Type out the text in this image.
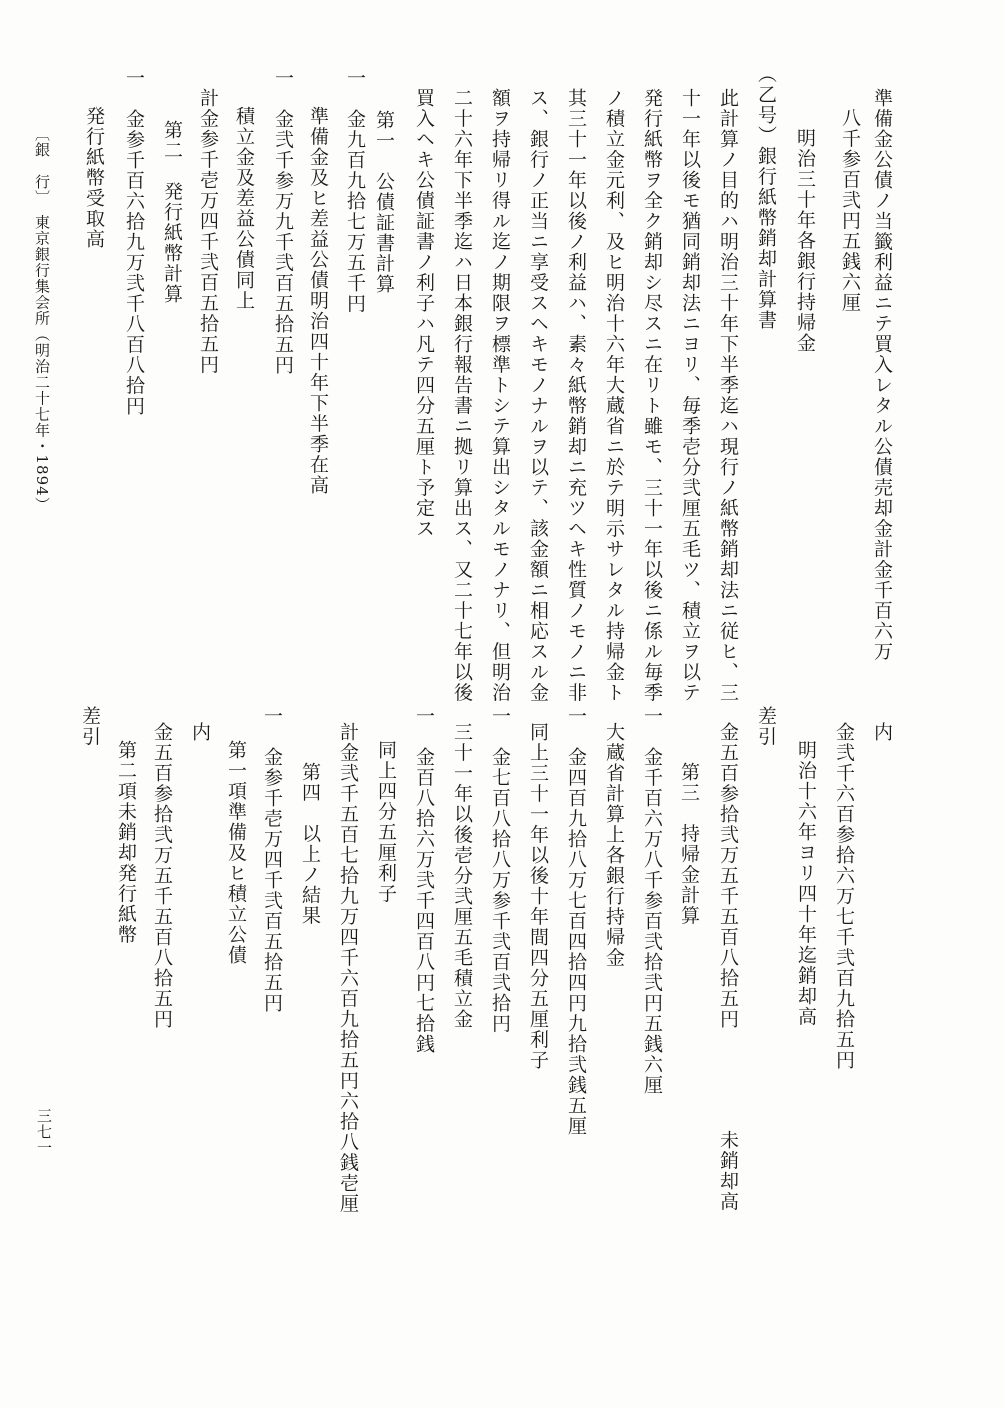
準備金公債ノ当籤利益ニテ買入レタル公債売却金計金千百六万
八千参百弐円五銭六厘
明治三十年各銀行持帰金
（乙号）銀行紙幣銷却計算書
此計算ノ目的ハ明治三十年下半季迄ハ現行ノ紙幣銷却法ニ従ヒ、三
十一年以後モ猶同銷却法ニヨリ、毎季壱分弐厘五毛ツ、積立ヲ以テ
発行紙幣ヲ全ク銷却シ尽スニ在リト雖モ、三十一年以後ニ係ル毎季
ノ積立金元利、及ヒ明治十六年大蔵省ニ於テ明示サレタル持帰金ト
其三十一年以後ノ利益ハ、素々紙幣銷却ニ充ツヘキ性質ノモノニ非
ス、銀行ノ正当ニ享受スヘキモノナルヲ以テ、該金額ニ相応スル金
額ヲ持帰リ得ル迄ノ期限ヲ標準トシテ算出シタルモノナリ、但明治
二十六年下半季迄ハ日本銀行報告書ニ拠リ算出ス、又二十七年以後
買入ヘキ公債証書ノ利子ハ凡テ四分五厘ト予定ス
第一　公債証書計算
一　金九百九拾七万五千円
準備金及ヒ差益公債明治四十年下半季在高
一　金弐千参万九千弐百五拾五円
積立金及差益公債同上
計金参千壱万四千弐百五拾五円
第二　発行紙幣計算
一　金参千百六拾九万弐千八百八拾円
発行紙幣受取高
内
金弐千六百参拾六万七千弐百九拾五円
明治十六年ヨリ四十年迄銷却高
差引
金五百参拾弐万五千五百八拾五円
未銷却高
第三　持帰金計算
一　金千百六万八千参百弐拾弐円五銭六厘
大蔵省計算上各銀行持帰金
一　金四百九拾八万七百四拾四円九拾弐銭五厘
同上三十一年以後十年間四分五厘利子
一　金七百八拾八万参千弐百弐拾円
三十一年以後壱分弐厘五毛積立金
一　金百八拾六万弐千四百八円七拾銭
同上四分五厘利子
計金弐千五百七拾九万四千六百九拾五円六拾八銭壱厘
第四　以上ノ結果
一　金参千壱万四千弐百五拾五円
第一項準備及ヒ積立公債
内
金五百参拾弐万五千五百八拾五円
第二項未銷却発行紙幣
差引
〔銀　行〕　東京銀行集会所（明治二十七年・1894）
三七一
